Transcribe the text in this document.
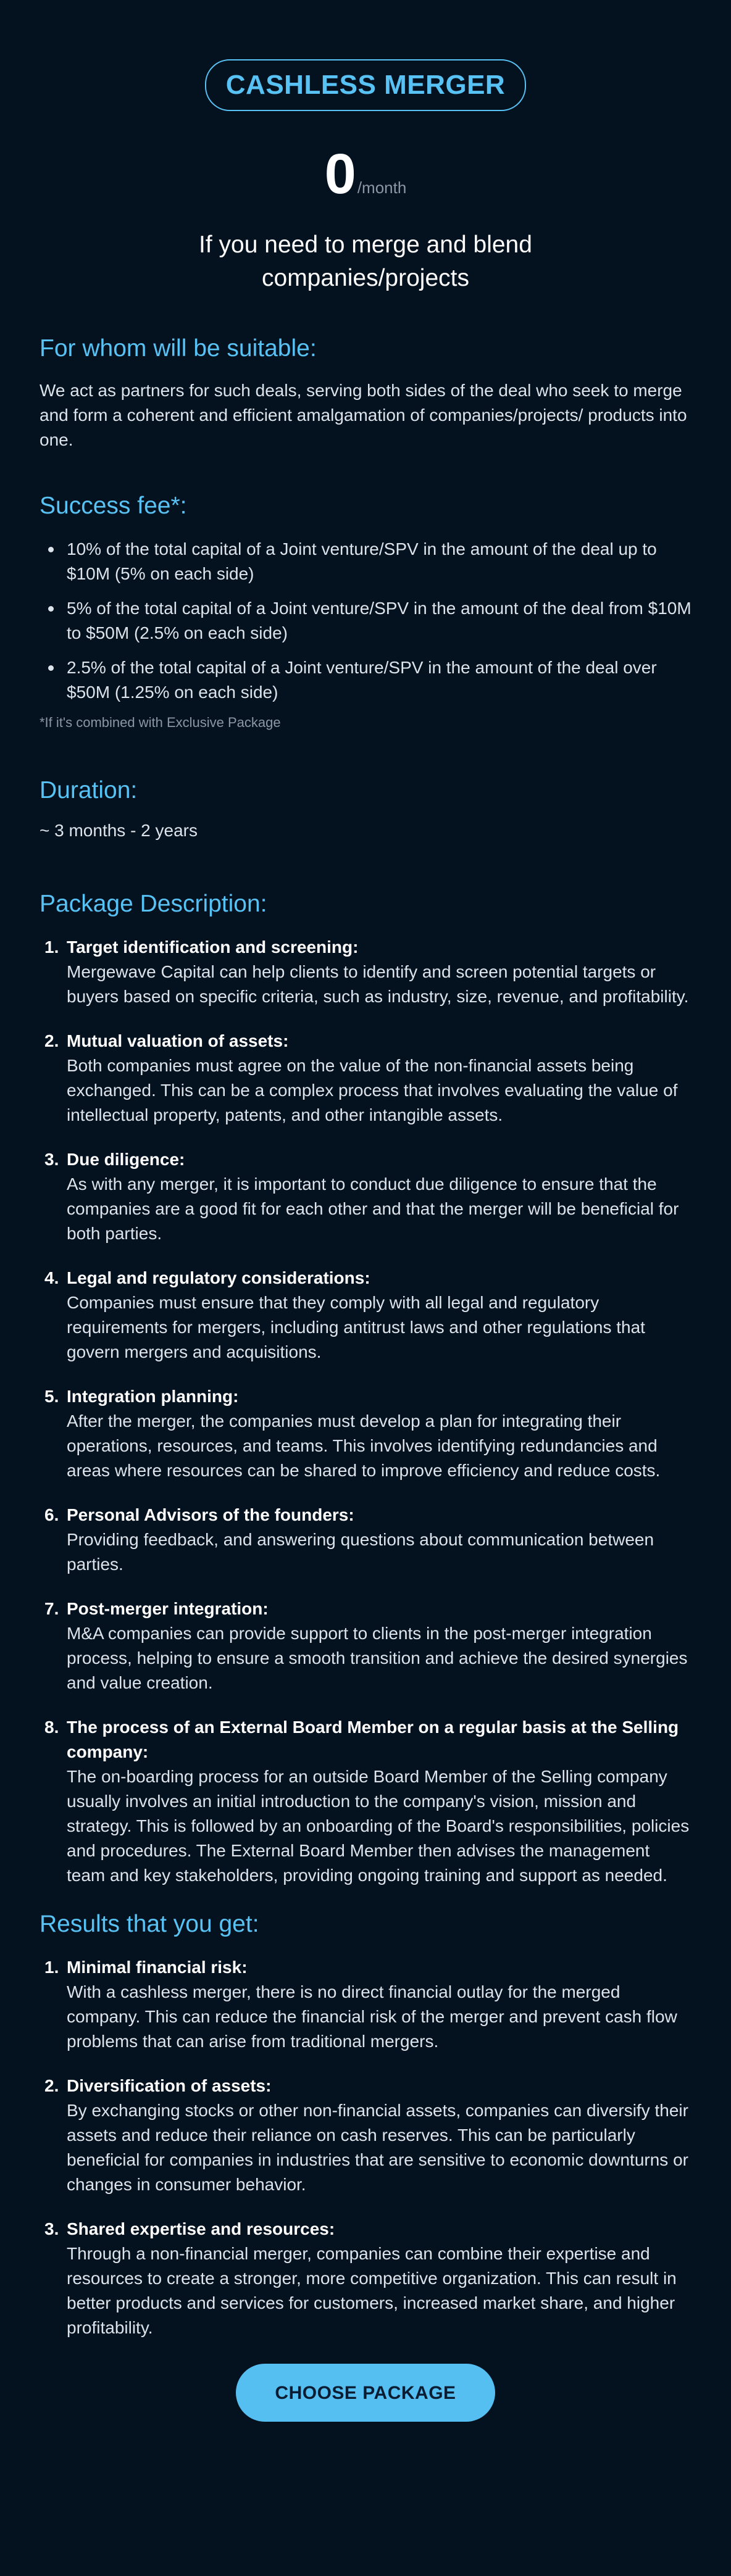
CASHLESS MERGER
0/month

If you need to merge and blend companies/projects

For whom will be suitable:

We act as partners for such deals, serving both sides of the deal who seek to merge and form a coherent and efficient amalgamation of companies/projects/ products into one.

Success fee*:
10% of the total capital of a Joint venture/SPV in the amount of the deal up to $10M (5% on each side)
5% of the total capital of a Joint venture/SPV in the amount of the deal from $10M to $50M (2.5% on each side)
2.5% of the total capital of a Joint venture/SPV in the amount of the deal over $50M (1.25% on each side)

*If it's combined with Exclusive Package

Duration:

~ 3 months - 2 years

Package Description:
1. Target identification and screening:
Mergewave Capital can help clients to identify and screen potential targets or buyers based on specific criteria, such as industry, size, revenue, and profitability.
2. Mutual valuation of assets:
Both companies must agree on the value of the non-financial assets being exchanged. This can be a complex process that involves evaluating the value of intellectual property, patents, and other intangible assets.
3. Due diligence:
As with any merger, it is important to conduct due diligence to ensure that the companies are a good fit for each other and that the merger will be beneficial for both parties.
4. Legal and regulatory considerations:
Companies must ensure that they comply with all legal and regulatory requirements for mergers, including antitrust laws and other regulations that govern mergers and acquisitions.
5. Integration planning:
After the merger, the companies must develop a plan for integrating their operations, resources, and teams. This involves identifying redundancies and areas where resources can be shared to improve efficiency and reduce costs.
6. Personal Advisors of the founders:
Providing feedback, and answering questions about communication between parties.
7. Post-merger integration:
M&A companies can provide support to clients in the post-merger integration process, helping to ensure a smooth transition and achieve the desired synergies and value creation.
8. The process of an External Board Member on a regular basis at the Selling company:
The on-boarding process for an outside Board Member of the Selling company usually involves an initial introduction to the company's vision, mission and strategy. This is followed by an onboarding of the Board's responsibilities, policies and procedures. The External Board Member then advises the management team and key stakeholders, providing ongoing training and support as needed.
Results that you get:
1. Minimal financial risk:
With a cashless merger, there is no direct financial outlay for the merged company. This can reduce the financial risk of the merger and prevent cash flow problems that can arise from traditional mergers.
2. Diversification of assets:
By exchanging stocks or other non-financial assets, companies can diversify their assets and reduce their reliance on cash reserves. This can be particularly beneficial for companies in industries that are sensitive to economic downturns or changes in consumer behavior.
3. Shared expertise and resources:
Through a non-financial merger, companies can combine their expertise and resources to create a stronger, more competitive organization. This can result in better products and services for customers, increased market share, and higher profitability.
CHOOSE PACKAGE
